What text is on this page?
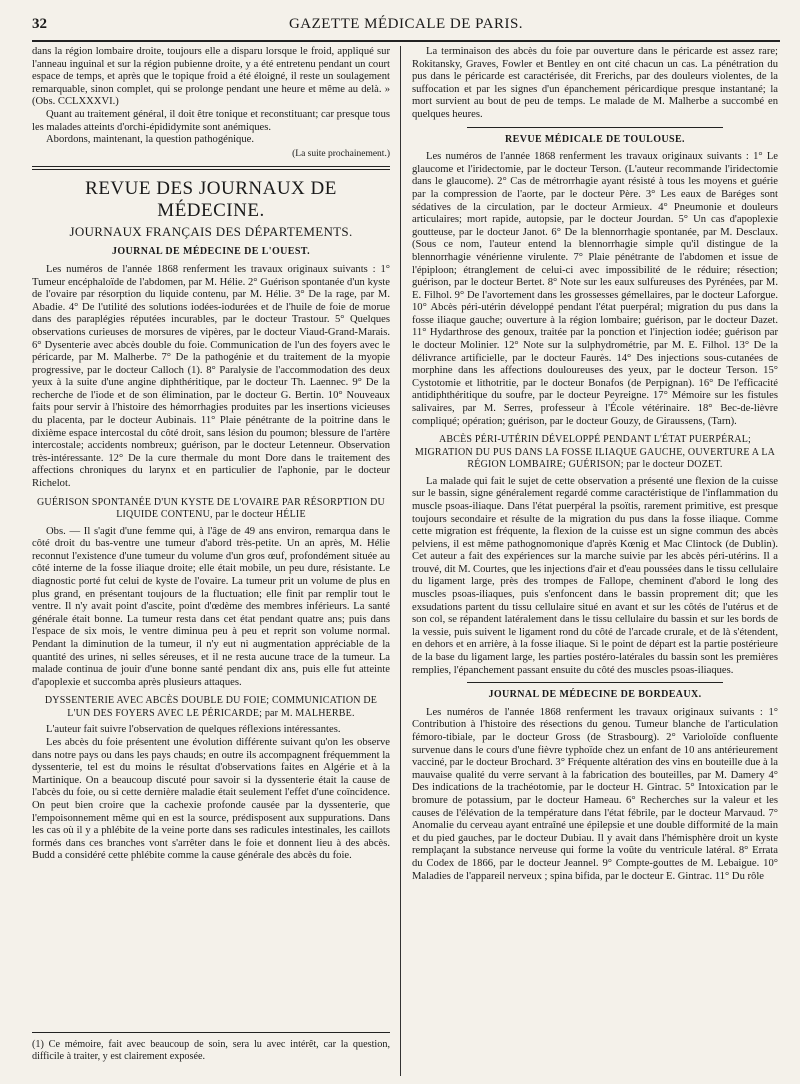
32	GAZETTE MÉDICALE DE PARIS.

dans la région lombaire droite, toujours elle a disparu lorsque le froid, appliqué sur l'anneau inguinal et sur la région pubienne droite, y a été entretenu pendant un court espace de temps, et après que le topique froid a été éloigné, il reste un soulagement remarquable, sinon complet, qui se prolonge pendant une heure et même au delà. » (Obs. CCLXXXVI.)

Quant au traitement général, il doit être tonique et reconstituant; car presque tous les malades atteints d'orchi-épididymite sont anémiques.

Abordons, maintenant, la question pathogénique.

(La suite prochainement.)
REVUE DES JOURNAUX DE MÉDECINE.
JOURNAUX FRANÇAIS DES DÉPARTEMENTS.
JOURNAL DE MÉDECINE DE L'OUEST.

Les numéros de l'année 1868 renferment les travaux originaux suivants : 1° Tumeur encéphaloïde de l'abdomen, par M. Hélie. 2° Guérison spontanée d'un kyste de l'ovaire par résorption du liquide contenu, par M. Hélie. 3° De la rage, par M. Abadie. 4° De l'utilité des solutions iodées-iodurées et de l'huile de foie de morue dans des paraplégies réputées incurables, par le docteur Trastour. 5° Quelques observations curieuses de morsures de vipères, par le docteur Viaud-Grand-Marais. 6° Dysenterie avec abcès double du foie. Communication de l'un des foyers avec le péricarde, par M. Malherbe. 7° De la pathogénie et du traitement de la myopie progressive, par le docteur Calloch (1). 8° Paralysie de l'accommodation des deux yeux à la suite d'une angine diphthéritique, par le docteur Th. Laennec. 9° De la recherche de l'iode et de son élimination, par le docteur G. Bertin. 10° Nouveaux faits pour servir à l'histoire des hémorrhagies produites par les insertions vicieuses du placenta, par le docteur Aubinais. 11° Plaie pénétrante de la poitrine dans le dixième espace intercostal du côté droit, sans lésion du poumon; blessure de l'artère intercostale; accidents nombreux; guérison, par le docteur Letenneur. Observation très-intéressante. 12° De la cure thermale du mont Dore dans le traitement des affections chroniques du larynx et en particulier de l'aphonie, par le docteur Richelot.

GUÉRISON SPONTANÉE D'UN KYSTE DE L'OVAIRE PAR RÉSORPTION DU LIQUIDE CONTENU, par le docteur HÉLIE

Obs. — Il s'agit d'une femme qui, à l'âge de 49 ans environ, remarqua dans le côté droit du bas-ventre une tumeur d'abord très-petite. Un an après, M. Hélie reconnut l'existence d'une tumeur du volume d'un gros œuf, profondément située au côté interne de la fosse iliaque droite; elle était mobile, un peu dure, résistante. Le diagnostic porté fut celui de kyste de l'ovaire. La tumeur prit un volume de plus en plus grand, en présentant toujours de la fluctuation; elle finit par remplir tout le ventre. Il n'y avait point d'ascite, point d'œdème des membres inférieurs. La santé générale était bonne. La tumeur resta dans cet état pendant quatre ans; puis dans l'espace de six mois, le ventre diminua peu à peu et reprit son volume normal. Pendant la diminution de la tumeur, il n'y eut ni augmentation appréciable de la quantité des urines, ni selles séreuses, et il ne resta aucune trace de la tumeur. La malade continua de jouir d'une bonne santé pendant dix ans, puis elle fut atteinte d'apoplexie et succomba après plusieurs attaques.

DYSSENTERIE AVEC ABCÈS DOUBLE DU FOIE; COMMUNICATION DE L'UN DES FOYERS AVEC LE PÉRICARDE; par M. MALHERBE.

L'auteur fait suivre l'observation de quelques réflexions intéressantes.

Les abcès du foie présentent une évolution différente suivant qu'on les observe dans notre pays ou dans les pays chauds; en outre ils accompagnent fréquemment la dyssenterie, tel est du moins le résultat d'observations faites en Algérie et à la Martinique. On a beaucoup discuté pour savoir si la dyssenterie était la cause de l'abcès du foie, ou si cette dernière maladie était seulement l'effet d'une coïncidence. On peut bien croire que la cachexie profonde causée par la dyssenterie, que l'empoisonnement même qui en est la source, prédisposent aux suppurations. Dans les cas où il y a phlébite de la veine porte dans ses radicules intestinales, les caillots formés dans ces branches vont s'arrêter dans le foie et donnent lieu à des abcès. Budd a considéré cette phlébite comme la cause générale des abcès du foie.

(1) Ce mémoire, fait avec beaucoup de soin, sera lu avec intérêt, car la question, difficile à traiter, y est clairement exposée.

La terminaison des abcès du foie par ouverture dans le péricarde est assez rare; Rokitansky, Graves, Fowler et Bentley en ont cité chacun un cas. La pénétration du pus dans le péricarde est caractérisée, dit Frerichs, par des douleurs violentes, de la suffocation et par les signes d'un épanchement péricardique presque instantané; la mort survient au bout de peu de temps. Le malade de M. Malherbe a succombé en quelques heures.

REVUE MÉDICALE DE TOULOUSE.

Les numéros de l'année 1868 renferment les travaux originaux suivants : 1° Le glaucome et l'iridectomie, par le docteur Terson. (L'auteur recommande l'iridectomie dans le glaucome). 2° Cas de métrorrhagie ayant résisté à tous les moyens et guérie par la compression de l'aorte, par le docteur Père. 3° Les eaux de Baréges sont sédatives de la circulation, par le docteur Armieux. 4° Pneumonie et douleurs articulaires; mort rapide, autopsie, par le docteur Jourdan. 5° Un cas d'apoplexie goutteuse, par le docteur Janot. 6° De la blennorrhagie spontanée, par M. Desclaux. (Sous ce nom, l'auteur entend la blennorrhagie simple qu'il distingue de la blennorrhagie vénérienne virulente. 7° Plaie pénétrante de l'abdomen et issue de l'épiploon; étranglement de celui-ci avec impossibilité de le réduire; résection; guérison, par le docteur Bertet. 8° Note sur les eaux sulfureuses des Pyrénées, par M. E. Filhol. 9° De l'avortement dans les grossesses gémellaires, par le docteur Laforgue. 10° Abcès péri-utérin développé pendant l'état puerpéral; migration du pus dans la fosse iliaque gauche; ouverture à la région lombaire; guérison, par le docteur Dazet. 11° Hydarthrose des genoux, traitée par la ponction et l'injection iodée; guérison par le docteur Molinier. 12° Note sur la sulphydrométrie, par M. E. Filhol. 13° De la délivrance artificielle, par le docteur Faurès. 14° Des injections sous-cutanées de morphine dans les affections douloureuses des yeux, par le docteur Terson. 15° Cystotomie et lithotritie, par le docteur Bonafos (de Perpignan). 16° De l'efficacité antidiphthéritique du soufre, par le docteur Peyreigne. 17° Mémoire sur les fistules salivaires, par M. Serres, professeur à l'École vétérinaire. 18° Bec-de-lièvre compliqué; opération; guérison, par le docteur Gouzy, de Giraussens, (Tarn).

ABCÈS PÉRI-UTÉRIN DÉVELOPPÉ PENDANT L'ÉTAT PUERPÉRAL; MIGRATION DU PUS DANS LA FOSSE ILIAQUE GAUCHE, OUVERTURE A LA RÉGION LOMBAIRE; GUÉRISON; par le docteur DOZET.

La malade qui fait le sujet de cette observation a présenté une flexion de la cuisse sur le bassin, signe généralement regardé comme caractéristique de l'inflammation du muscle psoas-iliaque. Dans l'état puerpéral la psoïtis, rarement primitive, est presque toujours secondaire et résulte de la migration du pus dans la fosse iliaque. Comme cette migration est fréquente, la flexion de la cuisse est un signe commun des abcès pelviens, il est même pathognomonique d'après Kœnig et Mac Clintock (de Dublin). Cet auteur a fait des expériences sur la marche suivie par les abcès péri-utérins. Il a trouvé, dit M. Courtes, que les injections d'air et d'eau poussées dans le tissu cellulaire du ligament large, près des trompes de Fallope, cheminent d'abord le long des muscles psoas-iliaques, puis s'enfoncent dans le bassin proprement dit; que les exsudations partent du tissu cellulaire situé en avant et sur les côtés de l'utérus et de son col, se répandent latéralement dans le tissu cellulaire du bassin et sur les bords de la vessie, puis suivent le ligament rond du côté de l'arcade crurale, et de là s'étendent, en dehors et en arrière, à la fosse iliaque. Si le point de départ est la partie postérieure de la base du ligament large, les parties postéro-latérales du bassin sont les premières remplies, l'épanchement passant ensuite du côté des muscles psoas-iliaques.

JOURNAL DE MÉDECINE DE BORDEAUX.

Les numéros de l'année 1868 renferment les travaux originaux suivants : 1° Contribution à l'histoire des résections du genou. Tumeur blanche de l'articulation fémoro-tibiale, par le docteur Gross (de Strasbourg). 2° Varioloïde confluente survenue dans le cours d'une fièvre typhoïde chez un enfant de 10 ans antérieurement vacciné, par le docteur Brochard. 3° Fréquente altération des vins en bouteille due à la mauvaise qualité du verre servant à la fabrication des bouteilles, par M. Damery 4° Des indications de la trachéotomie, par le docteur H. Gintrac. 5° Intoxication par le bromure de potassium, par le docteur Hameau. 6° Recherches sur la valeur et les causes de l'élévation de la température dans l'état fébrile, par le docteur Marvaud. 7° Anomalie du cerveau ayant entraîné une épilepsie et une double difformité de la main et du pied gauches, par le docteur Dubiau. Il y avait dans l'hémisphère droit un kyste remplaçant la substance nerveuse qui forme la voûte du ventricule latéral. 8° Errata du Codex de 1866, par le docteur Jeannel. 9° Compte-gouttes de M. Lebaigue. 10° Maladies de l'appareil nerveux ; spina bifida, par le docteur E. Gintrac. 11° Du rôle
